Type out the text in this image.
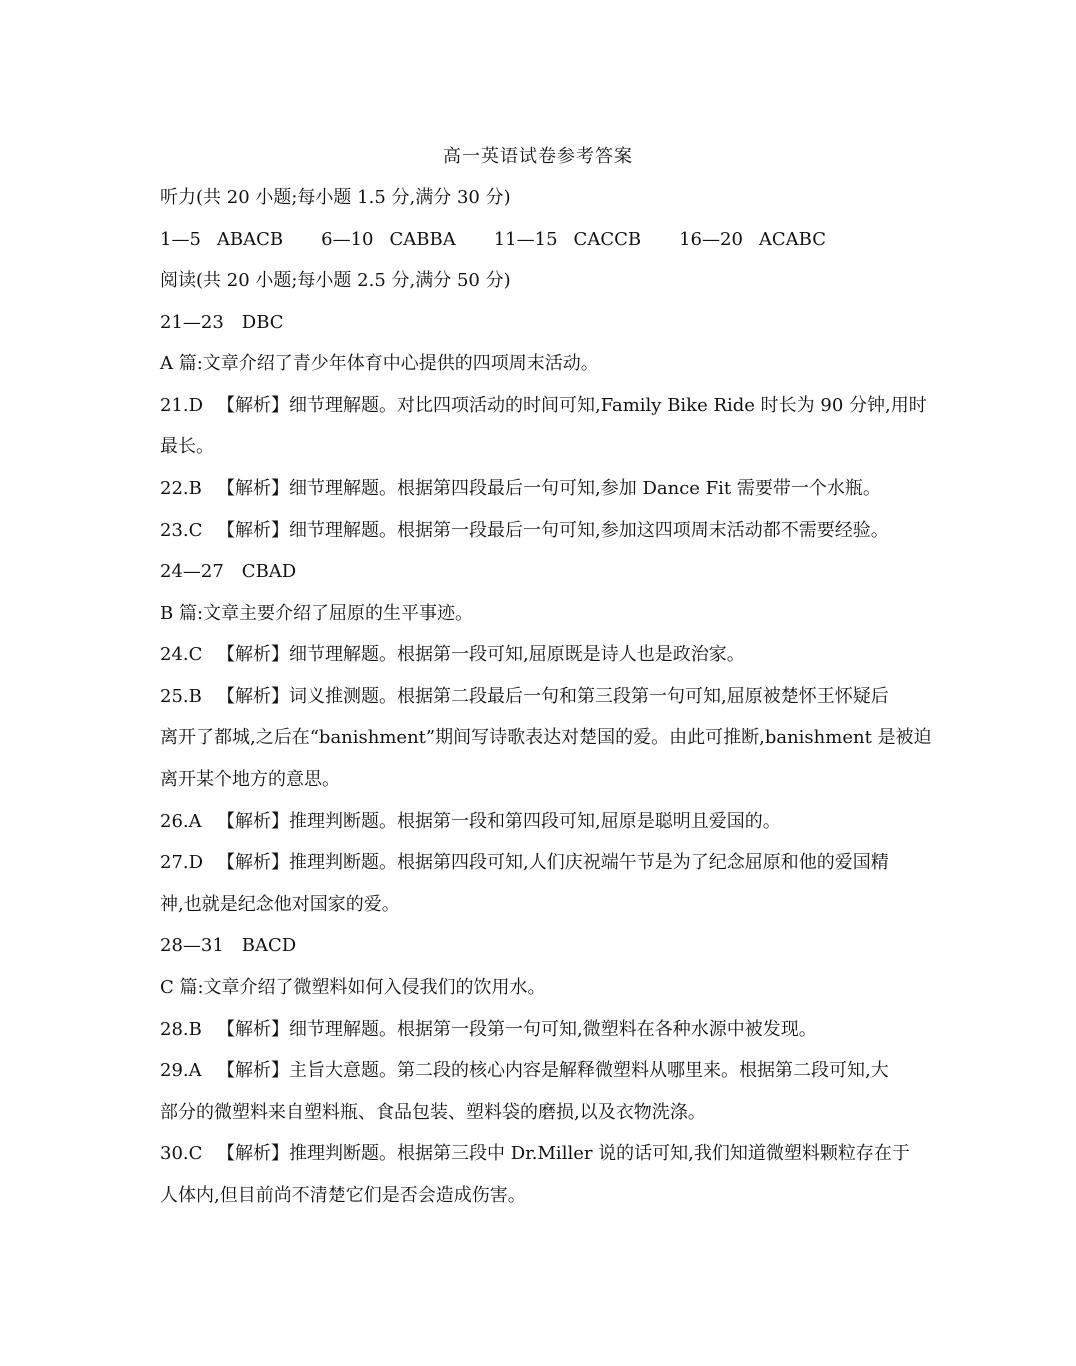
高一英语试卷参考答案
听力(共 20 小题;每小题 1.5 分,满分 30 分)
1—5 ABACB 6—10 CABBA 11—15 CACCB 16—20 ACABC
阅读(共 20 小题;每小题 2.5 分,满分 50 分)
21—23　DBC
A 篇:文章介绍了青少年体育中心提供的四项周末活动。
21.D 【解析】细节理解题。对比四项活动的时间可知,Family Bike Ride 时长为 90 分钟,用时
最长。
22.B 【解析】细节理解题。根据第四段最后一句可知,参加 Dance Fit 需要带一个水瓶。
23.C 【解析】细节理解题。根据第一段最后一句可知,参加这四项周末活动都不需要经验。
24—27　CBAD
B 篇:文章主要介绍了屈原的生平事迹。
24.C 【解析】细节理解题。根据第一段可知,屈原既是诗人也是政治家。
25.B 【解析】词义推测题。根据第二段最后一句和第三段第一句可知,屈原被楚怀王怀疑后
离开了都城,之后在“banishment”期间写诗歌表达对楚国的爱。由此可推断,banishment 是被迫
离开某个地方的意思。
26.A 【解析】推理判断题。根据第一段和第四段可知,屈原是聪明且爱国的。
27.D 【解析】推理判断题。根据第四段可知,人们庆祝端午节是为了纪念屈原和他的爱国精
神,也就是纪念他对国家的爱。
28—31　BACD
C 篇:文章介绍了微塑料如何入侵我们的饮用水。
28.B 【解析】细节理解题。根据第一段第一句可知,微塑料在各种水源中被发现。
29.A 【解析】主旨大意题。第二段的核心内容是解释微塑料从哪里来。根据第二段可知,大
部分的微塑料来自塑料瓶、食品包装、塑料袋的磨损,以及衣物洗涤。
30.C 【解析】推理判断题。根据第三段中 Dr.Miller 说的话可知,我们知道微塑料颗粒存在于
人体内,但目前尚不清楚它们是否会造成伤害。
